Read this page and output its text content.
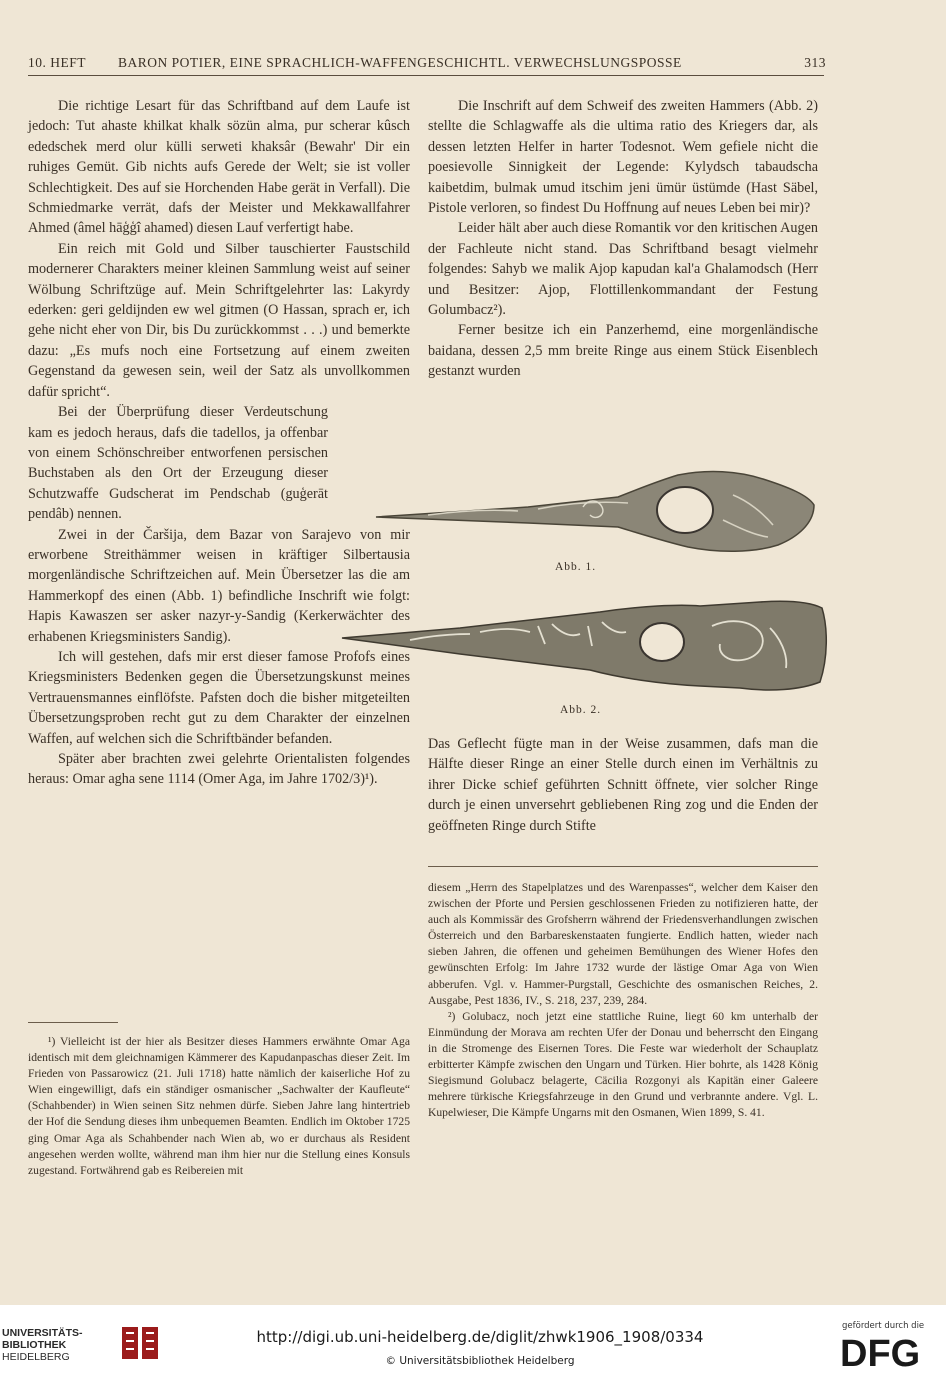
10. HEFT BARON POTIER, EINE SPRACHLICH-WAFFENGESCHICHTL. VERWECHSLUNGSPOSSE	313

Die richtige Lesart für das Schriftband auf dem Laufe ist jedoch: Tut ahaste khilkat khalk sözün alma, pur scherar kûsch ededschek merd olur külli serweti khaksâr (Bewahr' Dir ein ruhiges Gemüt. Gib nichts aufs Gerede der Welt; sie ist voller Schlechtigkeit. Des auf sie Horchenden Habe gerät in Verfall). Die Schmiedmarke verrät, dafs der Meister und Mekkawallfahrer Ahmed (âmel hāģģî ahamed) diesen Lauf verfertigt habe.

Ein reich mit Gold und Silber tauschierter Faustschild modernerer Charakters meiner kleinen Sammlung weist auf seiner Wölbung Schriftzüge auf. Mein Schriftgelehrter las: Lakyrdy ederken: geri geldijnden ew wel gitmen (O Hassan, sprach er, ich gehe nicht eher von Dir, bis Du zurückkommst . . .) und bemerkte dazu: „Es mufs noch eine Fortsetzung auf einem zweiten Gegenstand da gewesen sein, weil der Satz als unvollkommen dafür spricht“.

Bei der Überprüfung dieser Verdeutschung kam es jedoch heraus, dafs die tadellos, ja offenbar von einem Schönschreiber entworfenen persischen Buchstaben als den Ort der Erzeugung dieser Schutzwaffe Gudscherat im Pendschab (guģerāt pendâb) nennen.

Zwei in der Čaršija, dem Bazar von Sarajevo von mir erworbene Streithämmer weisen in kräftiger Silbertausia morgenländische Schriftzeichen auf. Mein Übersetzer las die am Hammerkopf des einen (Abb. 1) befindliche Inschrift wie folgt: Hapis Kawaszen ser asker nazyr-y-Sandig (Kerkerwächter des erhabenen Kriegsministers Sandig).

Ich will gestehen, dafs mir erst dieser famose Profofs eines Kriegsministers Bedenken gegen die Übersetzungskunst meines Vertrauensmannes einflöfste. Pafsten doch die bisher mitgeteilten Übersetzungsproben recht gut zu dem Charakter der einzelnen Waffen, auf welchen sich die Schriftbänder befanden.

Später aber brachten zwei gelehrte Orientalisten folgendes heraus: Omar agha sene 1114 (Omer Aga, im Jahre 1702/3)¹).

¹) Vielleicht ist der hier als Besitzer dieses Hammers erwähnte Omar Aga identisch mit dem gleichnamigen Kämmerer des Kapudanpaschas dieser Zeit. Im Frieden von Passarowicz (21. Juli 1718) hatte nämlich der kaiserliche Hof zu Wien eingewilligt, dafs ein ständiger osmanischer „Sachwalter der Kaufleute“ (Schahbender) in Wien seinen Sitz nehmen dürfe. Sieben Jahre lang hintertrieb der Hof die Sendung dieses ihm unbequemen Beamten. Endlich im Oktober 1725 ging Omar Aga als Schahbender nach Wien ab, wo er durchaus als Resident angesehen werden wollte, während man ihm hier nur die Stellung eines Konsuls zugestand. Fortwährend gab es Reibereien mit

Die Inschrift auf dem Schweif des zweiten Hammers (Abb. 2) stellte die Schlagwaffe als die ultima ratio des Kriegers dar, als dessen letzten Helfer in harter Todesnot. Wem gefiele nicht die poesievolle Sinnigkeit der Legende: Kylydsch tabaudscha kaibetdim, bulmak umud itschim jeni ümür üstümde (Hast Säbel, Pistole verloren, so findest Du Hoffnung auf neues Leben bei mir)?

Leider hält aber auch diese Romantik vor den kritischen Augen der Fachleute nicht stand. Das Schriftband besagt vielmehr folgendes: Sahyb we malik Ajop kapudan kal'a Ghalamodsch (Herr und Besitzer: Ajop, Flottillenkommandant der Festung Golumbacz²).

Ferner besitze ich ein Panzerhemd, eine morgenländische baidana, dessen 2,5 mm breite Ringe aus einem Stück Eisenblech gestanzt wurden

Abb. 1.
Abb. 2.

Das Geflecht fügte man in der Weise zusammen, dafs man die Hälfte dieser Ringe an einer Stelle durch einen im Verhältnis zu ihrer Dicke schief geführten Schnitt öffnete, vier solcher Ringe durch je einen unversehrt gebliebenen Ring zog und die Enden der geöffneten Ringe durch Stifte

diesem „Herrn des Stapelplatzes und des Warenpasses“, welcher dem Kaiser den zwischen der Pforte und Persien geschlossenen Frieden zu notifizieren hatte, der auch als Kommissär des Grofsherrn während der Friedensverhandlungen zwischen Österreich und den Barbareskenstaaten fungierte. Endlich hatten, wieder nach sieben Jahren, die offenen und geheimen Bemühungen des Wiener Hofes den gewünschten Erfolg: Im Jahre 1732 wurde der lästige Omar Aga von Wien abberufen. Vgl. v. Hammer-Purgstall, Geschichte des osmanischen Reiches, 2. Ausgabe, Pest 1836, IV., S. 218, 237, 239, 284.

²) Golubacz, noch jetzt eine stattliche Ruine, liegt 60 km unterhalb der Einmündung der Morava am rechten Ufer der Donau und beherrscht den Eingang in die Stromenge des Eisernen Tores. Die Feste war wiederholt der Schauplatz erbitterter Kämpfe zwischen den Ungarn und Türken. Hier bohrte, als 1428 König Siegismund Golubacz belagerte, Cäcilia Rozgonyi als Kapitän einer Galeere mehrere türkische Kriegsfahrzeuge in den Grund und verbrannte andere. Vgl. L. Kupelwieser, Die Kämpfe Ungarns mit den Osmanen, Wien 1899, S. 41.

UNIVERSITÄTS-
BIBLIOTHEK
HEIDELBERG
http://digi.ub.uni-heidelberg.de/diglit/zhwk1906_1908/0334
© Universitätsbibliothek Heidelberg
gefördert durch die
DFG
